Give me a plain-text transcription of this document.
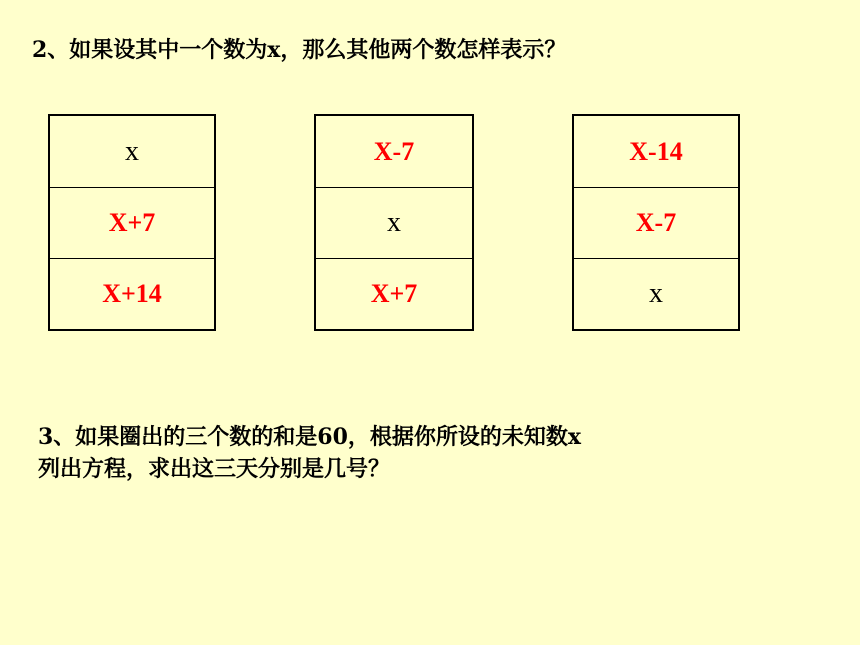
2、如果设其中一个数为x，那么其他两个数怎样表示？

x
X+7
X+14
X-7
x
X+7
X-14
X-7
x
3、如果圈出的三个数的和是60，根据你所设的未知数x
列出方程，求出这三天分别是几号？
